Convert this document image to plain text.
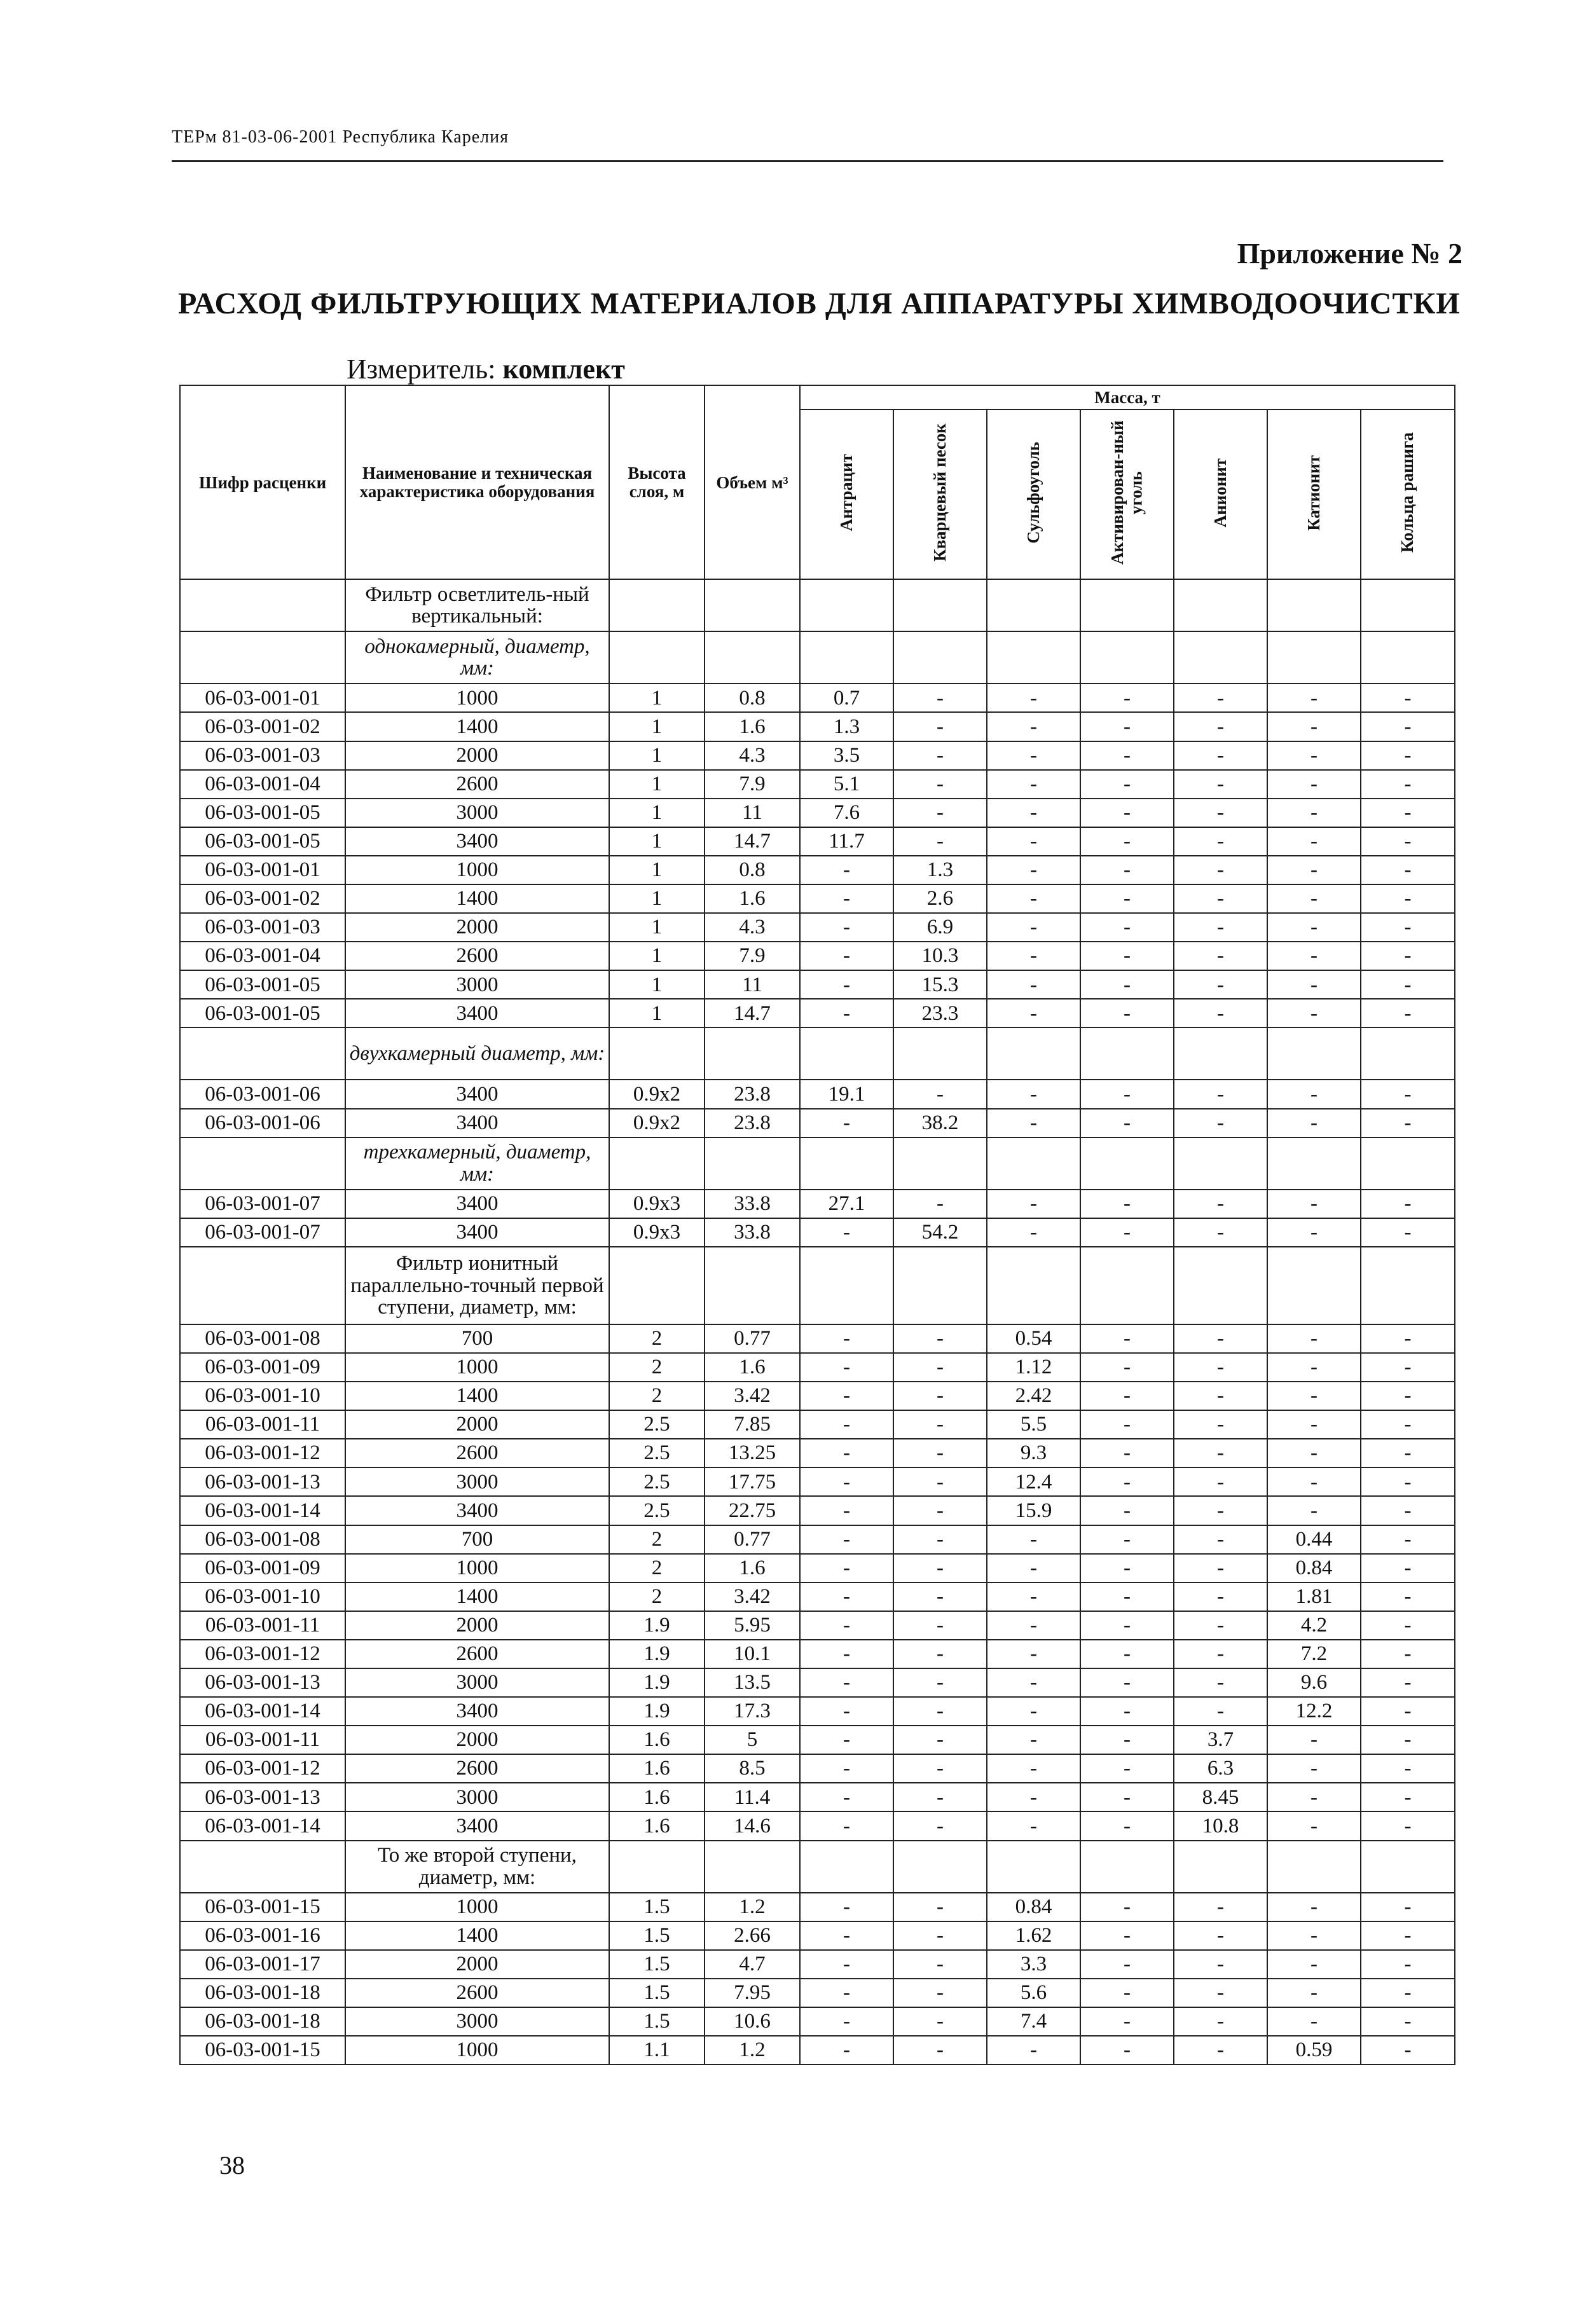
ТЕРм 81-03-06-2001 Республика Карелия
Приложение № 2
РАСХОД ФИЛЬТРУЮЩИХ МАТЕРИАЛОВ ДЛЯ АППАРАТУРЫ ХИМВОДООЧИСТКИ
Измеритель: комплект
Шифр расценки	Наименование и техническая характеристика оборудования	Высота слоя, м	Объем м³	Масса, т						
				Антрацит	Кварцевый песок	Сульфоуголь	Активирован-ный уголь	Анионит	Катионит	Кольца рашига
	Фильтр осветлитель-ный вертикальный:									
	однокамерный, диаметр, мм:									
06-03-001-01	1000	1	0.8	0.7	-	-	-	-	-	-
06-03-001-02	1400	1	1.6	1.3	-	-	-	-	-	-
06-03-001-03	2000	1	4.3	3.5	-	-	-	-	-	-
06-03-001-04	2600	1	7.9	5.1	-	-	-	-	-	-
06-03-001-05	3000	1	11	7.6	-	-	-	-	-	-
06-03-001-05	3400	1	14.7	11.7	-	-	-	-	-	-
06-03-001-01	1000	1	0.8	-	1.3	-	-	-	-	-
06-03-001-02	1400	1	1.6	-	2.6	-	-	-	-	-
06-03-001-03	2000	1	4.3	-	6.9	-	-	-	-	-
06-03-001-04	2600	1	7.9	-	10.3	-	-	-	-	-
06-03-001-05	3000	1	11	-	15.3	-	-	-	-	-
06-03-001-05	3400	1	14.7	-	23.3	-	-	-	-	-
	двухкамерный диаметр, мм:									
06-03-001-06	3400	0.9x2	23.8	19.1	-	-	-	-	-	-
06-03-001-06	3400	0.9x2	23.8	-	38.2	-	-	-	-	-
	трехкамерный, диаметр, мм:									
06-03-001-07	3400	0.9x3	33.8	27.1	-	-	-	-	-	-
06-03-001-07	3400	0.9x3	33.8	-	54.2	-	-	-	-	-
	Фильтр ионитный параллельно-точный первой ступени, диаметр, мм:									
06-03-001-08	700	2	0.77	-	-	0.54	-	-	-	-
06-03-001-09	1000	2	1.6	-	-	1.12	-	-	-	-
06-03-001-10	1400	2	3.42	-	-	2.42	-	-	-	-
06-03-001-11	2000	2.5	7.85	-	-	5.5	-	-	-	-
06-03-001-12	2600	2.5	13.25	-	-	9.3	-	-	-	-
06-03-001-13	3000	2.5	17.75	-	-	12.4	-	-	-	-
06-03-001-14	3400	2.5	22.75	-	-	15.9	-	-	-	-
06-03-001-08	700	2	0.77	-	-	-	-	-	0.44	-
06-03-001-09	1000	2	1.6	-	-	-	-	-	0.84	-
06-03-001-10	1400	2	3.42	-	-	-	-	-	1.81	-
06-03-001-11	2000	1.9	5.95	-	-	-	-	-	4.2	-
06-03-001-12	2600	1.9	10.1	-	-	-	-	-	7.2	-
06-03-001-13	3000	1.9	13.5	-	-	-	-	-	9.6	-
06-03-001-14	3400	1.9	17.3	-	-	-	-	-	12.2	-
06-03-001-11	2000	1.6	5	-	-	-	-	3.7	-	-
06-03-001-12	2600	1.6	8.5	-	-	-	-	6.3	-	-
06-03-001-13	3000	1.6	11.4	-	-	-	-	8.45	-	-
06-03-001-14	3400	1.6	14.6	-	-	-	-	10.8	-	-
	То же второй ступени, диаметр, мм:									
06-03-001-15	1000	1.5	1.2	-	-	0.84	-	-	-	-
06-03-001-16	1400	1.5	2.66	-	-	1.62	-	-	-	-
06-03-001-17	2000	1.5	4.7	-	-	3.3	-	-	-	-
06-03-001-18	2600	1.5	7.95	-	-	5.6	-	-	-	-
06-03-001-18	3000	1.5	10.6	-	-	7.4	-	-	-	-
06-03-001-15	1000	1.1	1.2	-	-	-	-	-	0.59	-
38
